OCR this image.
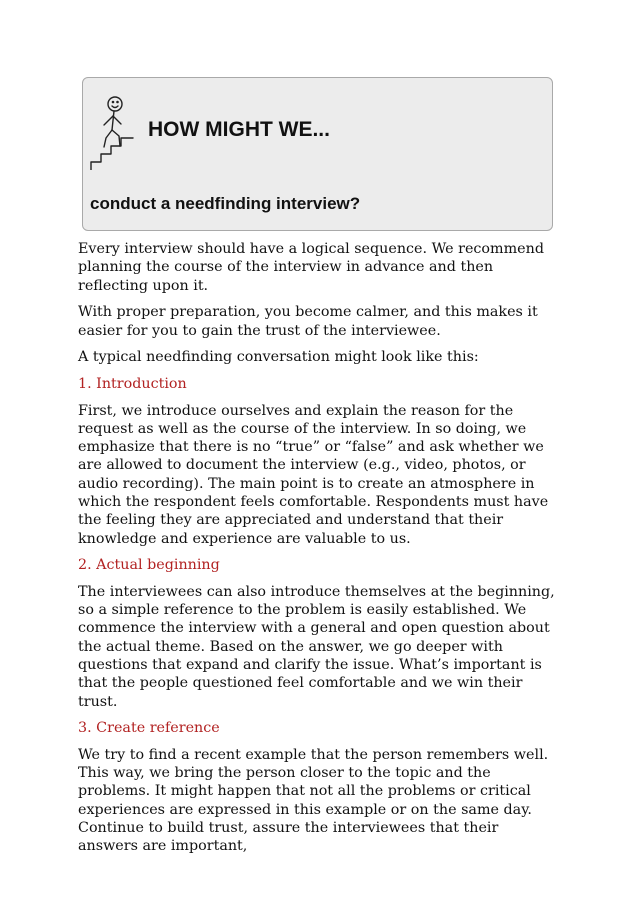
HOW MIGHT WE...
conduct a needfinding interview?

Every interview should have a logical sequence. We recommend planning the course of the interview in advance and then reflecting upon it.

With proper preparation, you become calmer, and this makes it easier for you to gain the trust of the interviewee.

A typical needfinding conversation might look like this:

1. Introduction

First, we introduce ourselves and explain the reason for the request as well as the course of the interview. In so doing, we emphasize that there is no “true” or “false” and ask whether we are allowed to document the interview (e.g., video, photos, or audio recording). The main point is to create an atmosphere in which the respondent feels comfortable. Respondents must have the feeling they are appreciated and understand that their knowledge and experience are valuable to us.

2. Actual beginning

The interviewees can also introduce themselves at the beginning, so a simple reference to the problem is easily established. We commence the interview with a general and open question about the actual theme. Based on the answer, we go deeper with questions that expand and clarify the issue. What’s important is that the people questioned feel comfortable and we win their trust.

3. Create reference

We try to find a recent example that the person remembers well. This way, we bring the person closer to the topic and the problems. It might happen that not all the problems or critical experiences are expressed in this example or on the same day. Continue to build trust, assure the interviewees that their answers are important,
